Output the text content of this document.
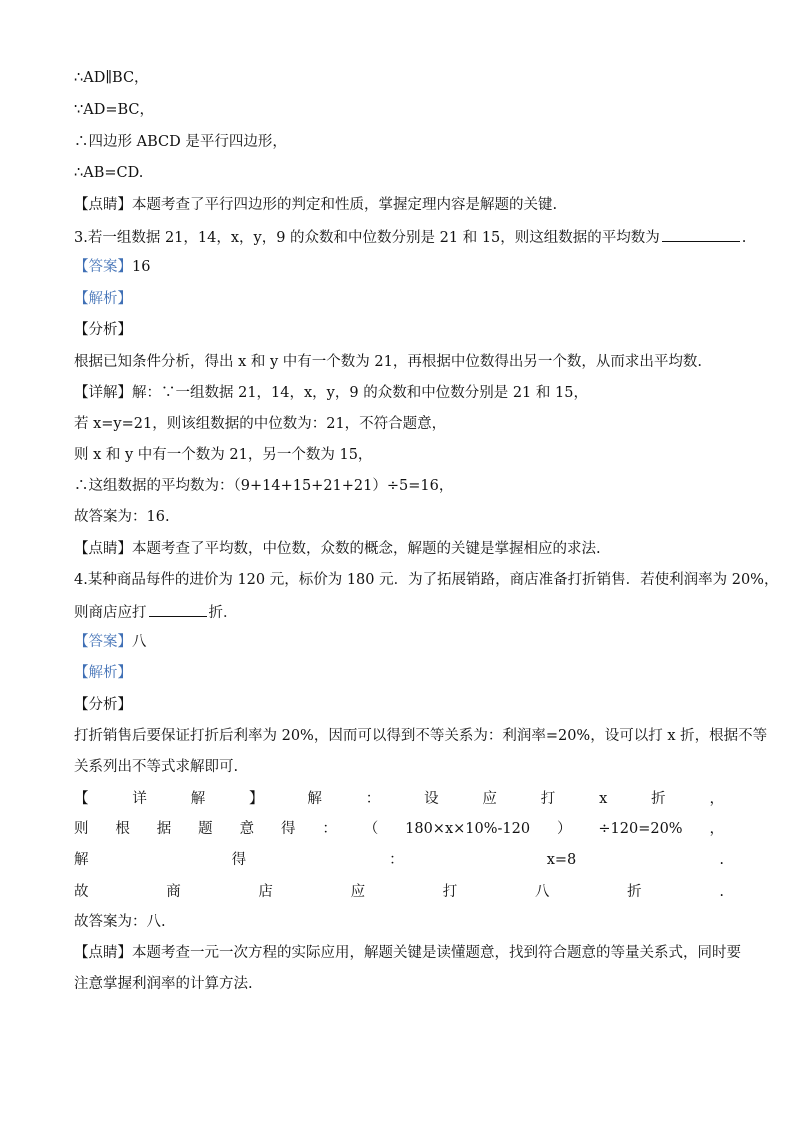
∴AD∥BC，
∵AD=BC，
∴四边形 ABCD 是平行四边形，
∴AB=CD.
【点睛】本题考查了平行四边形的判定和性质，掌握定理内容是解题的关键.
3.若一组数据 21，14，x，y，9 的众数和中位数分别是 21 和 15，则这组数据的平均数为	.
【答案】16
【解析】
【分析】
根据已知条件分析，得出 x 和 y 中有一个数为 21，再根据中位数得出另一个数，从而求出平均数.
【详解】解：∵一组数据 21，14，x，y，9 的众数和中位数分别是 21 和 15，
若 x=y=21，则该组数据的中位数为：21，不符合题意，
则 x 和 y 中有一个数为 21，另一个数为 15，
∴这组数据的平均数为：（9+14+15+21+21）÷5=16，
故答案为：16.
【点睛】本题考查了平均数，中位数，众数的概念，解题的关键是掌握相应的求法.
4.某种商品每件的进价为 120 元，标价为 180 元．为了拓展销路，商店准备打折销售．若使利润率为 20%，
则商店应打	折．
【答案】八
【解析】
【分析】
打折销售后要保证打折后利率为 20%，因而可以得到不等关系为：利润率=20%，设可以打 x 折，根据不等
关系列出不等式求解即可.
【	详	解	】	解	：	设	应	打	x	折	，
则 根 据 题 意 得 ： （ 180×x×10%-120 ） ÷120=20% ，
解	得	：	x=8	.
故	商	店	应	打	八	折	.
故答案为：八.
【点睛】本题考查一元一次方程的实际应用，解题关键是读懂题意，找到符合题意的等量关系式，同时要
注意掌握利润率的计算方法.
